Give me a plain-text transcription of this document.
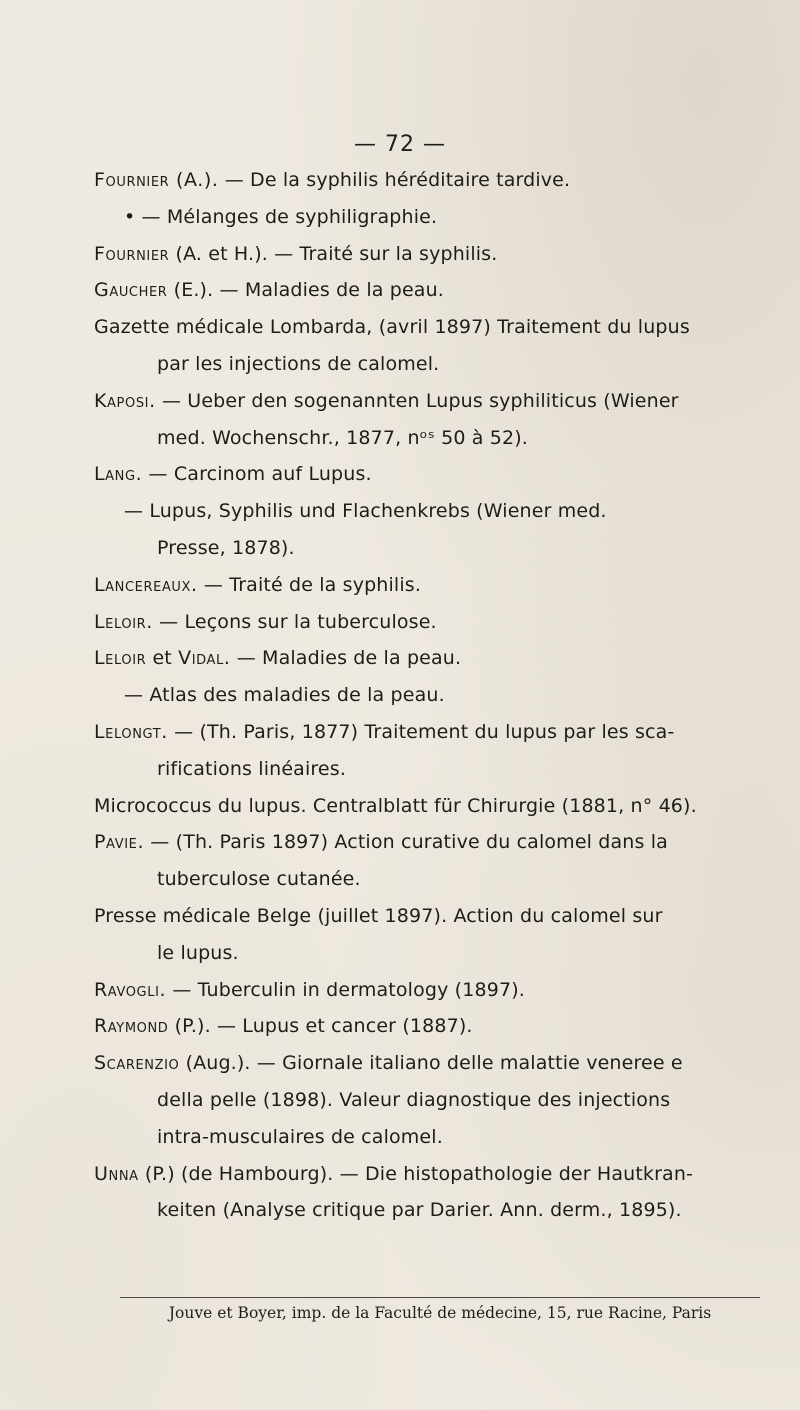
— 72 —
Fournier (A.). — De la syphilis héréditaire tardive.
• — Mélanges de syphiligraphie.
Fournier (A. et H.). — Traité sur la syphilis.
Gaucher (E.). — Maladies de la peau.
Gazette médicale Lombarda, (avril 1897) Traitement du lupus
par les injections de calomel.
Kaposi. — Ueber den sogenannten Lupus syphiliticus (Wiener
med. Wochenschr., 1877, nᵒˢ 50 à 52).
Lang. — Carcinom auf Lupus.
— Lupus, Syphilis und Flachenkrebs (Wiener med.
Presse, 1878).
Lancereaux. — Traité de la syphilis.
Leloir. — Leçons sur la tuberculose.
Leloir et Vidal. — Maladies de la peau.
— Atlas des maladies de la peau.
Lelongt. — (Th. Paris, 1877) Traitement du lupus par les sca-
rifications linéaires.
Micrococcus du lupus. Centralblatt für Chirurgie (1881, n° 46).
Pavie. — (Th. Paris 1897) Action curative du calomel dans la
tuberculose cutanée.
Presse médicale Belge (juillet 1897). Action du calomel sur
le lupus.
Ravogli. — Tuberculin in dermatology (1897).
Raymond (P.). — Lupus et cancer (1887).
Scarenzio (Aug.). — Giornale italiano delle malattie veneree e
della pelle (1898). Valeur diagnostique des injections
intra-musculaires de calomel.
Unna (P.) (de Hambourg). — Die histopathologie der Hautkran-
keiten (Analyse critique par Darier. Ann. derm., 1895).
Jouve et Boyer, imp. de la Faculté de médecine, 15, rue Racine, Paris
